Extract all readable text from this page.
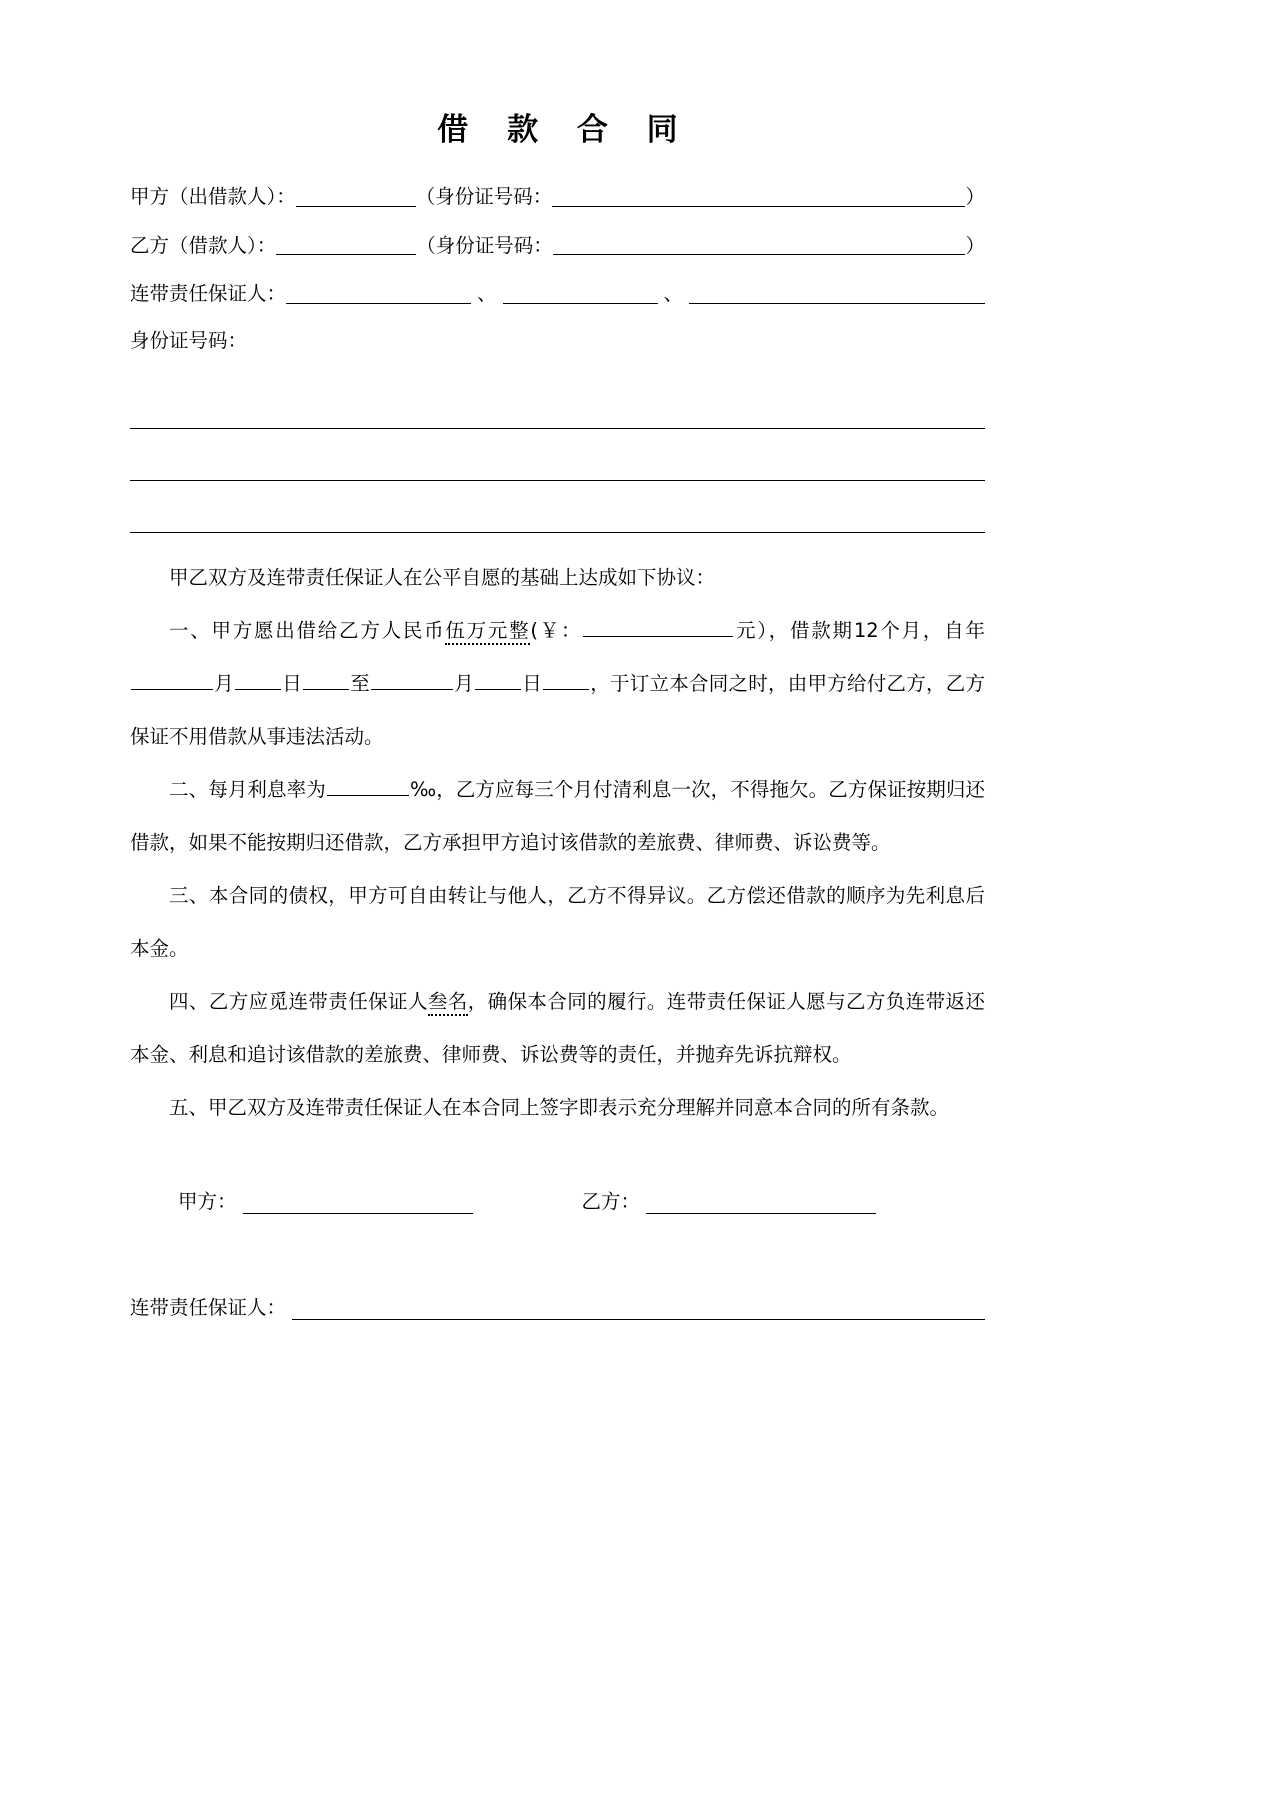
借 款 合 同
甲方（出借款人）：	（身份证号码：	）
乙方（借款人）：	（身份证号码：	）
连带责任保证人：	、	、
身份证号码：

甲乙双方及连带责任保证人在公平自愿的基础上达成如下协议：

一、甲方愿出借给乙方人民币伍万元整(￥：	元），借款期12个月，自年月 日 至	月 日 ，于订立本合同之时，由甲方给付乙方，乙方保证不用借款从事违法活动。

二、每月利息率为	‰，乙方应每三个月付清利息一次，不得拖欠。乙方保证按期归还借款，如果不能按期归还借款，乙方承担甲方追讨该借款的差旅费、律师费、诉讼费等。

三、本合同的债权，甲方可自由转让与他人，乙方不得异议。乙方偿还借款的顺序为先利息后本金。

四、乙方应觅连带责任保证人叁名，确保本合同的履行。连带责任保证人愿与乙方负连带返还本金、利息和追讨该借款的差旅费、律师费、诉讼费等的责任，并抛弃先诉抗辩权。

五、甲乙双方及连带责任保证人在本合同上签字即表示充分理解并同意本合同的所有条款。

甲方：	乙方：
连带责任保证人：
